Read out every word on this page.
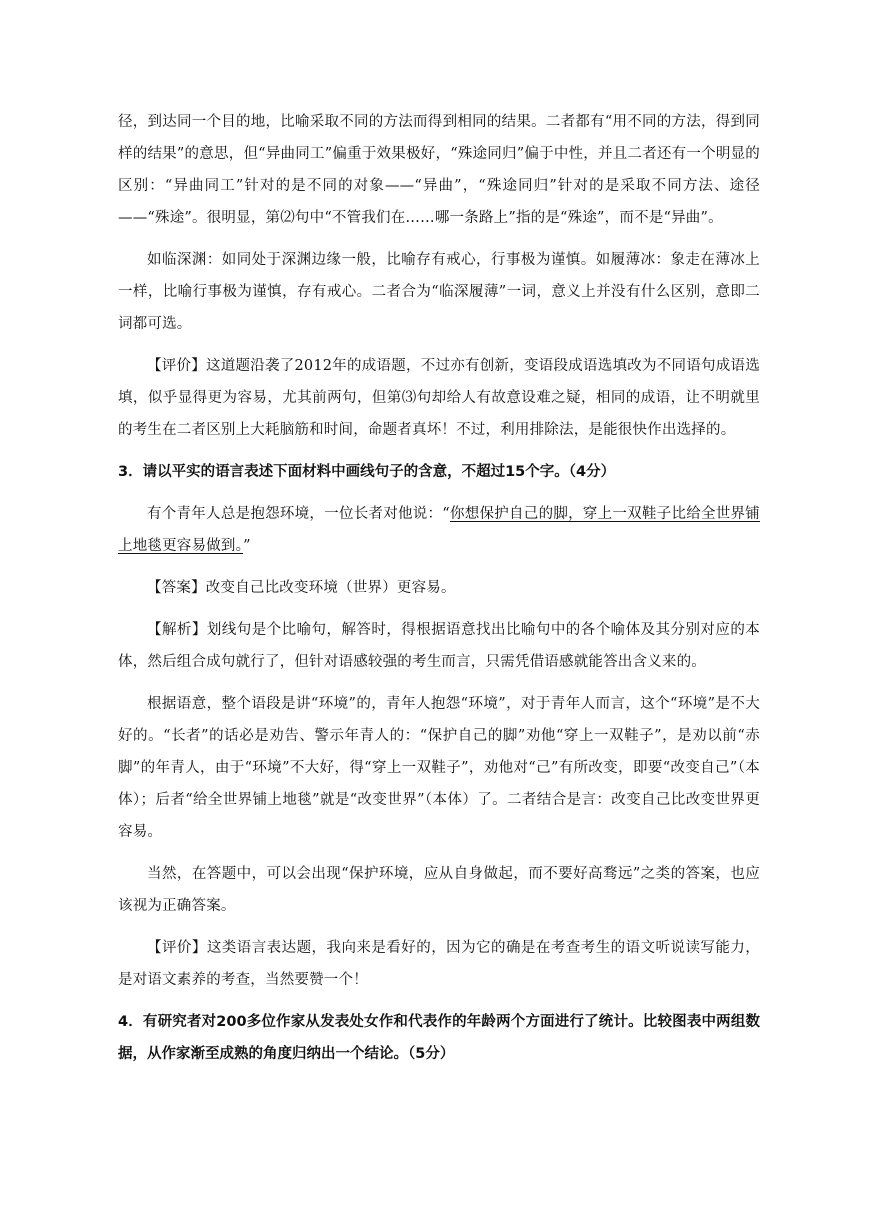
径，到达同一个目的地，比喻采取不同的方法而得到相同的结果。二者都有“用不同的方法，得到同样的结果”的意思，但“异曲同工”偏重于效果极好，“殊途同归”偏于中性，并且二者还有一个明显的区别：“异曲同工”针对的是不同的对象——“异曲”，“殊途同归”针对的是采取不同方法、途径——“殊途”。很明显，第⑵句中“不管我们在……哪一条路上”指的是“殊途”，而不是“异曲”。

如临深渊：如同处于深渊边缘一般，比喻存有戒心，行事极为谨慎。如履薄冰：象走在薄冰上一样，比喻行事极为谨慎，存有戒心。二者合为“临深履薄”一词，意义上并没有什么区别，意即二词都可选。

【评价】这道题沿袭了2012年的成语题，不过亦有创新，变语段成语选填改为不同语句成语选填，似乎显得更为容易，尤其前两句，但第⑶句却给人有故意设难之疑，相同的成语，让不明就里的考生在二者区别上大耗脑筋和时间，命题者真坏！不过，利用排除法，是能很快作出选择的。

3．请以平实的语言表述下面材料中画线句子的含意，不超过15个字。（4分）

有个青年人总是抱怨环境，一位长者对他说：“你想保护自己的脚，穿上一双鞋子比给全世界铺上地毯更容易做到。”

【答案】改变自己比改变环境（世界）更容易。

【解析】划线句是个比喻句，解答时，得根据语意找出比喻句中的各个喻体及其分别对应的本体，然后组合成句就行了，但针对语感较强的考生而言，只需凭借语感就能答出含义来的。

根据语意，整个语段是讲“环境”的，青年人抱怨“环境”，对于青年人而言，这个“环境”是不大好的。“长者”的话必是劝告、警示年青人的：“保护自己的脚”劝他“穿上一双鞋子”，是劝以前“赤脚”的年青人，由于“环境”不大好，得“穿上一双鞋子”，劝他对“己”有所改变，即要“改变自己”（本体）；后者“给全世界铺上地毯”就是“改变世界”（本体）了。二者结合是言：改变自己比改变世界更容易。

当然，在答题中，可以会出现“保护环境，应从自身做起，而不要好高骛远”之类的答案，也应该视为正确答案。

【评价】这类语言表达题，我向来是看好的，因为它的确是在考查考生的语文听说读写能力，是对语文素养的考查，当然要赞一个！

4．有研究者对200多位作家从发表处女作和代表作的年龄两个方面进行了统计。比较图表中两组数据，从作家渐至成熟的角度归纳出一个结论。（5分）
